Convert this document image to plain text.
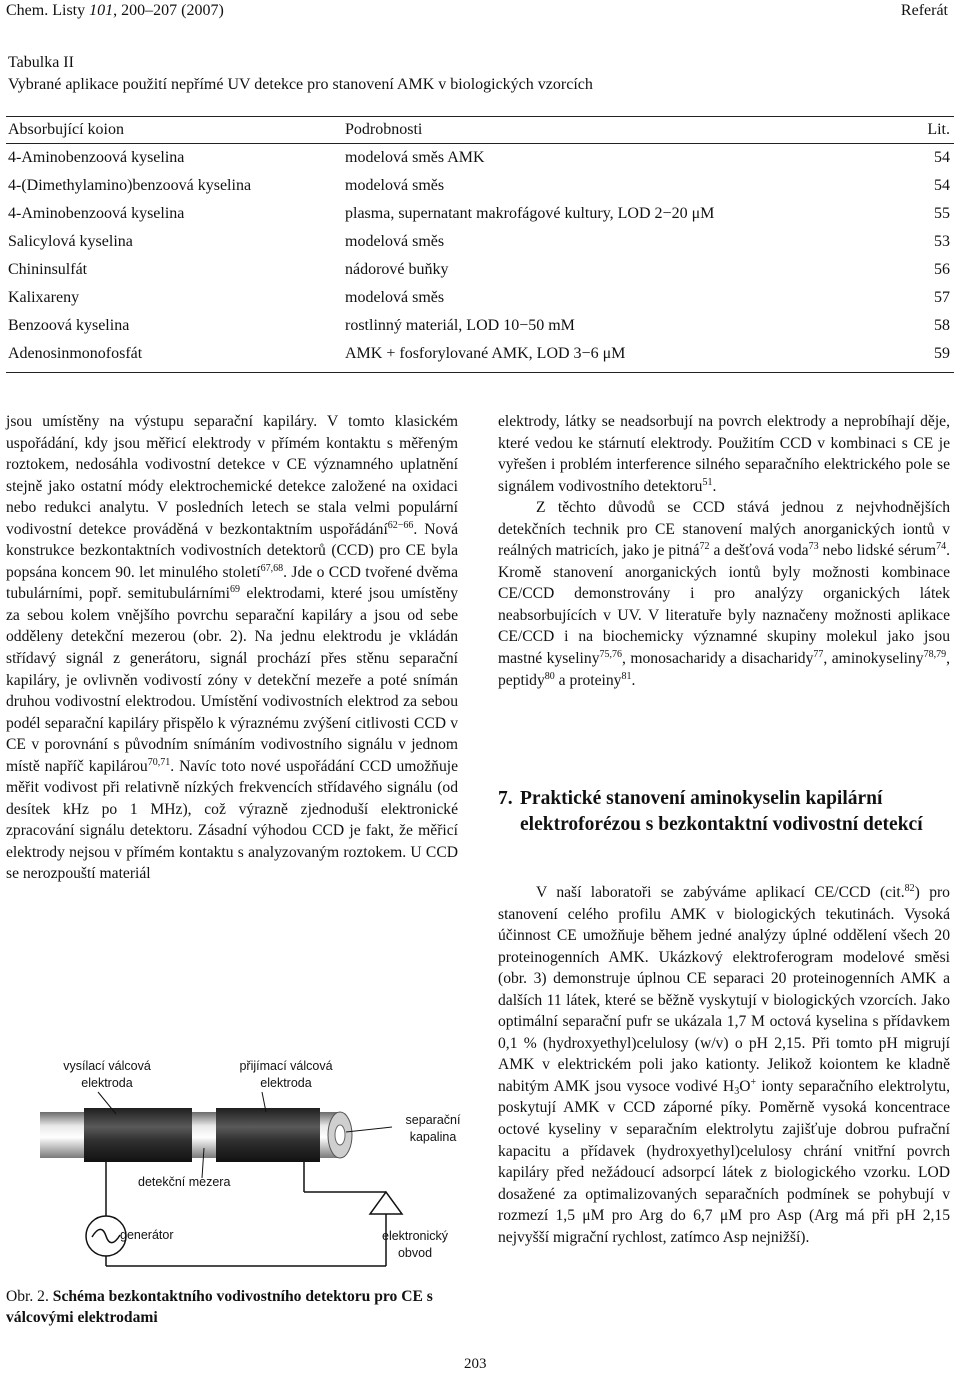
Chem. Listy 101, 200–207 (2007)	Referát
Tabulka II
Vybrané aplikace použití nepřímé UV detekce pro stanovení AMK v biologických vzorcích
Absorbující koion	Podrobnosti	Lit.
4-Aminobenzoová kyselina	modelová směs AMK	54
4-(Dimethylamino)benzoová kyselina	modelová směs	54
4-Aminobenzoová kyselina	plasma, supernatant makrofágové kultury, LOD 2−20 μM	55
Salicylová kyselina	modelová směs	53
Chininsulfát	nádorové buňky	56
Kalixareny	modelová směs	57
Benzoová kyselina	rostlinný materiál, LOD 10−50 mM	58
Adenosinmonofosfát	AMK + fosforylované AMK, LOD 3−6 μM	59

jsou umístěny na výstupu separační kapiláry. V tomto klasickém uspořádání, kdy jsou měřicí elektrody v přímém kontaktu s měřeným roztokem, nedosáhla vodivostní detekce v CE významného uplatnění stejně jako ostatní módy elektrochemické detekce založené na oxidaci nebo redukci analytu. V posledních letech se stala velmi populární vodivostní detekce prováděná v bezkontaktním uspořádání$^{62-66}$. Nová konstrukce bezkontaktních vodivostních detektorů (CCD) pro CE byla popsána koncem 90. let minulého století$^{67,68}$. Jde o CCD tvořené dvěma tubulárními, popř. semitubulárními$^{69}$ elektrodami, které jsou umístěny za sebou kolem vnějšího povrchu separační kapiláry a jsou od sebe odděleny detekční mezerou (obr. 2). Na jednu elektrodu je vkládán střídavý signál z generátoru, signál prochází přes stěnu separační kapiláry, je ovlivněn vodivostí zóny v detekční mezeře a poté snímán druhou vodivostní elektrodou. Umístění vodivostních elektrod za sebou podél separační kapiláry přispělo k výraznému zvýšení citlivosti CCD v CE v porovnání s původním snímáním vodivostního signálu v jednom místě napříč kapilárou$^{70,71}$. Navíc toto nové uspořádání CCD umožňuje měřit vodivost při relativně nízkých frekvencích střídavého signálu (od desítek kHz po 1 MHz), což výrazně zjednoduší elektronické zpracování signálu detektoru. Zásadní výhodou CCD je fakt, že měřicí elektrody nejsou v přímém kontaktu s analyzovaným roztokem. U CCD se nerozpouští materiál

elektrody, látky se neadsorbují na povrch elektrody a neprobíhají děje, které vedou ke stárnutí elektrody. Použitím CCD v kombinaci s CE je vyřešen i problém interference silného separačního elektrického pole se signálem vodivostního detektoru$^{51}$.

Z těchto důvodů se CCD stává jednou z nejvhodnějších detekčních technik pro CE stanovení malých anorganických iontů v reálných matricích, jako je pitná$^{72}$ a dešťová voda$^{73}$ nebo lidské sérum$^{74}$. Kromě stanovení anorganických iontů byly možnosti kombinace CE/CCD demonstrovány i pro analýzy organických látek neabsorbujících v UV. V literatuře byly naznačeny možnosti aplikace CE/CCD i na biochemicky významné skupiny molekul jako jsou mastné kyseliny$^{75,76}$, monosacharidy a disacharidy$^{77}$, aminokyseliny$^{78,79}$, peptidy$^{80}$ a proteiny$^{81}$.

7. Praktické stanovení aminokyselin kapilární elektroforézou s bezkontaktní vodivostní detekcí

V naší laboratoři se zabýváme aplikací CE/CCD (cit.$^{82}$) pro stanovení celého profilu AMK v biologických tekutinách. Vysoká účinnost CE umožňuje během jedné analýzy úplné oddělení všech 20 proteinogenních AMK. Ukázkový elektroferogram modelové směsi (obr. 3) demonstruje úplnou CE separaci 20 proteinogenních AMK a dalších 11 látek, které se běžně vyskytují v biologických vzorcích. Jako optimální separační pufr se ukázala 1,7 M octová kyselina s přídavkem 0,1 % (hydroxyethyl)celulosy (w/v) o pH 2,15. Při tomto pH migrují AMK v elektrickém poli jako kationty. Jelikož koiontem ke kladně nabitým AMK jsou vysoce vodivé $H_3O^+$ ionty separačního elektrolytu, poskytují AMK v CCD záporné píky. Poměrně vysoká koncentrace octové kyseliny v separačním elektrolytu zajišťuje dobrou pufrační kapacitu a přídavek (hydroxyethyl)celulosy chrání vnitřní povrch kapiláry před nežádoucí adsorpcí látek z biologického vzorku. LOD dosažené za optimalizovaných separačních podmínek se pohybují v rozmezí 1,5 μM pro Arg do 6,7 μM pro Asp (Arg má při pH 2,15 nejvyšší migrační rychlost, zatímco Asp nejnižší).

vysílací válcová
elektroda
přijímací válcová
elektroda
separační
kapalina
detekční mezera
generátor	elektronický
obvod
Obr. 2. Schéma bezkontaktního vodivostního detektoru pro CE s válcovými elektrodami
203
